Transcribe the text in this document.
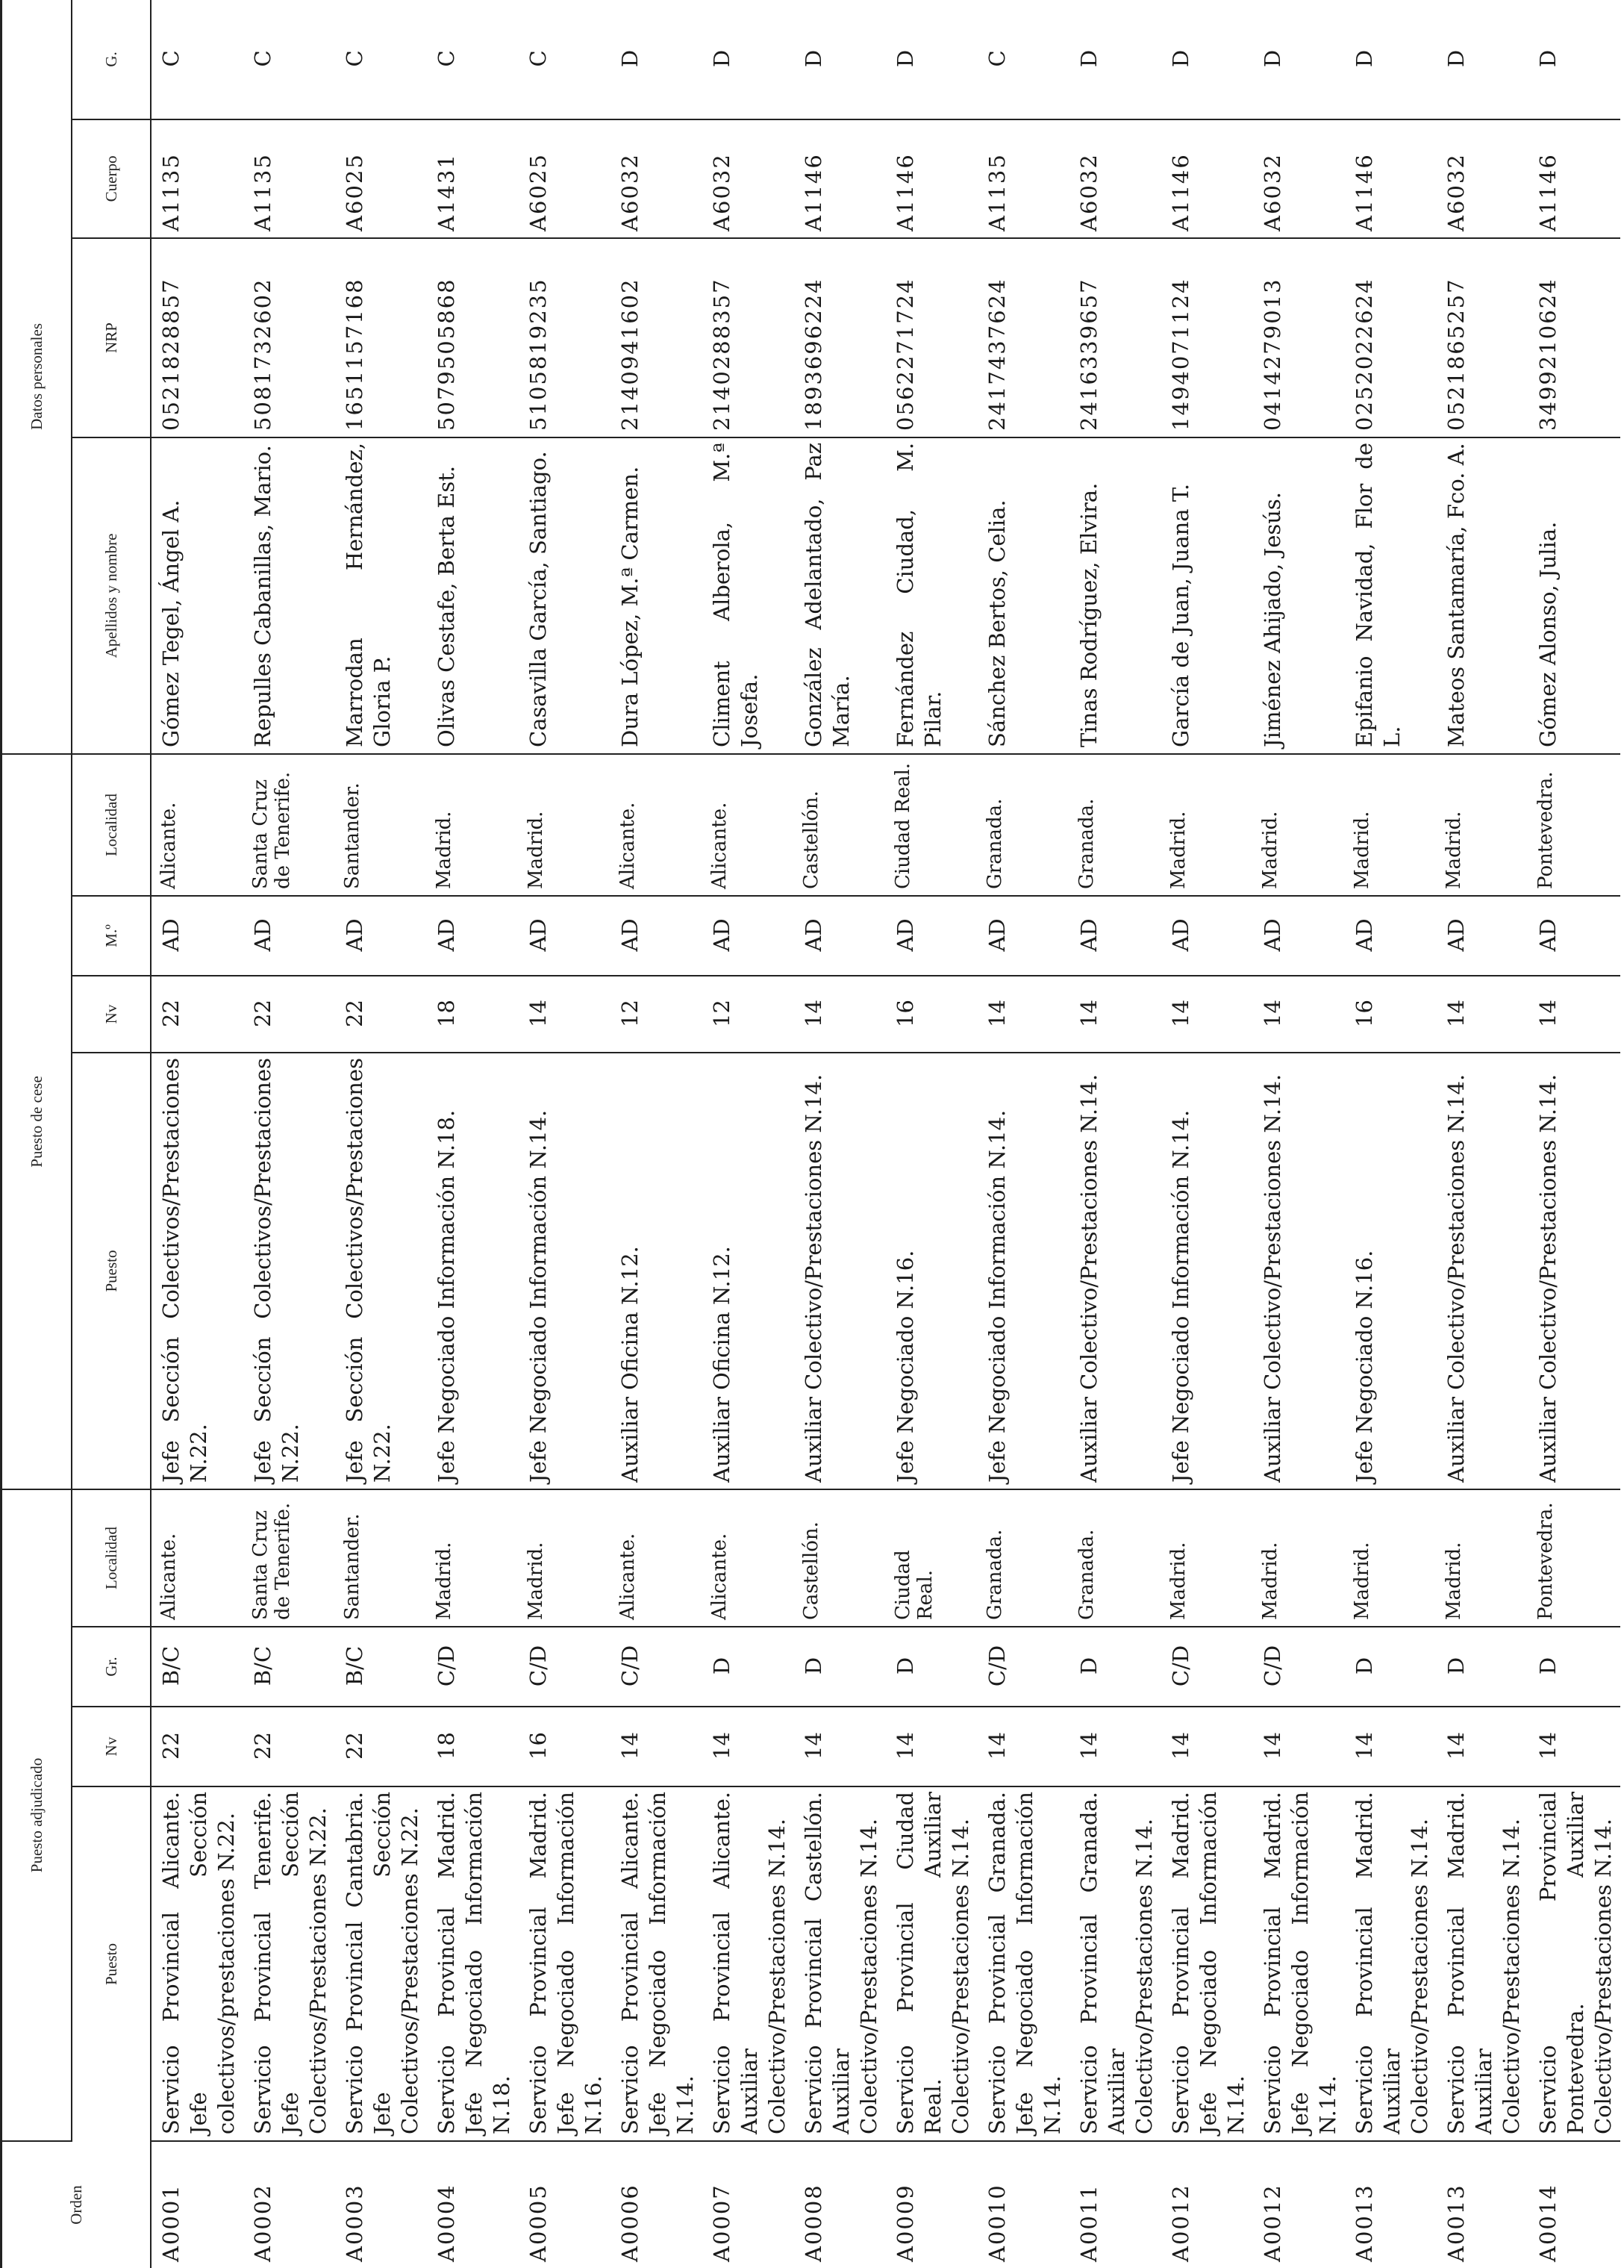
Orden	Puesto adjudicado				Puesto de cese				Datos personales			
	Puesto	Nv	Gr.	Localidad	Puesto	Nv	M.º	Localidad	Apellidos y nombre	NRP	Cuerpo	G.
A0001	Servicio Provincial Alicante. Jefe Sección colectivos/prestaciones N.22.	22	B/C	Alicante.	Jefe Sección Colectivos/Prestaciones N.22.	22	AD	Alicante.	Gómez Tegel, Ángel A.	0521828857	A1135	C
A0002	Servicio Provincial Tenerife. Jefe Sección Colectivos/Prestaciones N.22.	22	B/C	Santa Cruz de Tenerife.	Jefe Sección Colectivos/Prestaciones N.22.	22	AD	Santa Cruz de Tenerife.	Repulles Cabanillas, Mario.	5081732602	A1135	C
A0003	Servicio Provincial Cantabria. Jefe Sección Colectivos/Prestaciones N.22.	22	B/C	Santander.	Jefe Sección Colectivos/Prestaciones N.22.	22	AD	Santander.	Marrodan Hernández, Gloria P.	1651157168	A6025	C
A0004	Servicio Provincial Madrid. Jefe Negociado Información N.18.	18	C/D	Madrid.	Jefe Negociado Información N.18.	18	AD	Madrid.	Olivas Cestafe, Berta Est.	5079505868	A1431	C
A0005	Servicio Provincial Madrid. Jefe Negociado Información N.16.	16	C/D	Madrid.	Jefe Negociado Información N.14.	14	AD	Madrid.	Casavilla García, Santiago.	5105819235	A6025	C
A0006	Servicio Provincial Alicante. Jefe Negociado Información N.14.	14	C/D	Alicante.	Auxiliar Oficina N.12.	12	AD	Alicante.	Dura López, M.ª Carmen.	2140941602	A6032	D
A0007	Servicio Provincial Alicante. Auxiliar Colectivo/Prestaciones N.14.	14	D	Alicante.	Auxiliar Oficina N.12.	12	AD	Alicante.	Climent Alberola, M.ª Josefa.	2140288357	A6032	D
A0008	Servicio Provincial Castellón. Auxiliar Colectivo/Prestaciones N.14.	14	D	Castellón.	Auxiliar Colectivo/Prestaciones N.14.	14	AD	Castellón.	González Adelantado, Paz María.	1893696224	A1146	D
A0009	Servicio Provincial Ciudad Real. Auxiliar Colectivo/Prestaciones N.14.	14	D	Ciudad Real.	Jefe Negociado N.16.	16	AD	Ciudad Real.	Fernández Ciudad, M. Pilar.	0562271724	A1146	D
A0010	Servicio Provincial Granada. Jefe Negociado Información N.14.	14	C/D	Granada.	Jefe Negociado Información N.14.	14	AD	Granada.	Sánchez Bertos, Celia.	2417437624	A1135	C
A0011	Servicio Provincial Granada. Auxiliar Colectivo/Prestaciones N.14.	14	D	Granada.	Auxiliar Colectivo/Prestaciones N.14.	14	AD	Granada.	Tinas Rodríguez, Elvira.	2416339657	A6032	D
A0012	Servicio Provincial Madrid. Jefe Negociado Información N.14.	14	C/D	Madrid.	Jefe Negociado Información N.14.	14	AD	Madrid.	García de Juan, Juana T.	1494071124	A1146	D
A0012	Servicio Provincial Madrid. Jefe Negociado Información N.14.	14	C/D	Madrid.	Auxiliar Colectivo/Prestaciones N.14.	14	AD	Madrid.	Jiménez Ahijado, Jesús.	0414279013	A6032	D
A0013	Servicio Provincial Madrid. Auxiliar Colectivo/Prestaciones N.14.	14	D	Madrid.	Jefe Negociado N.16.	16	AD	Madrid.	Epifanio Navidad, Flor de L.	0252022624	A1146	D
A0013	Servicio Provincial Madrid. Auxiliar Colectivo/Prestaciones N.14.	14	D	Madrid.	Auxiliar Colectivo/Prestaciones N.14.	14	AD	Madrid.	Mateos Santamaría, Fco. A.	0521865257	A6032	D
A0014	Servicio Provincial Pontevedra. Auxiliar Colectivo/Prestaciones N.14.	14	D	Pontevedra.	Auxiliar Colectivo/Prestaciones N.14.	14	AD	Pontevedra.	Gómez Alonso, Julia.	3499210624	A1146	D
